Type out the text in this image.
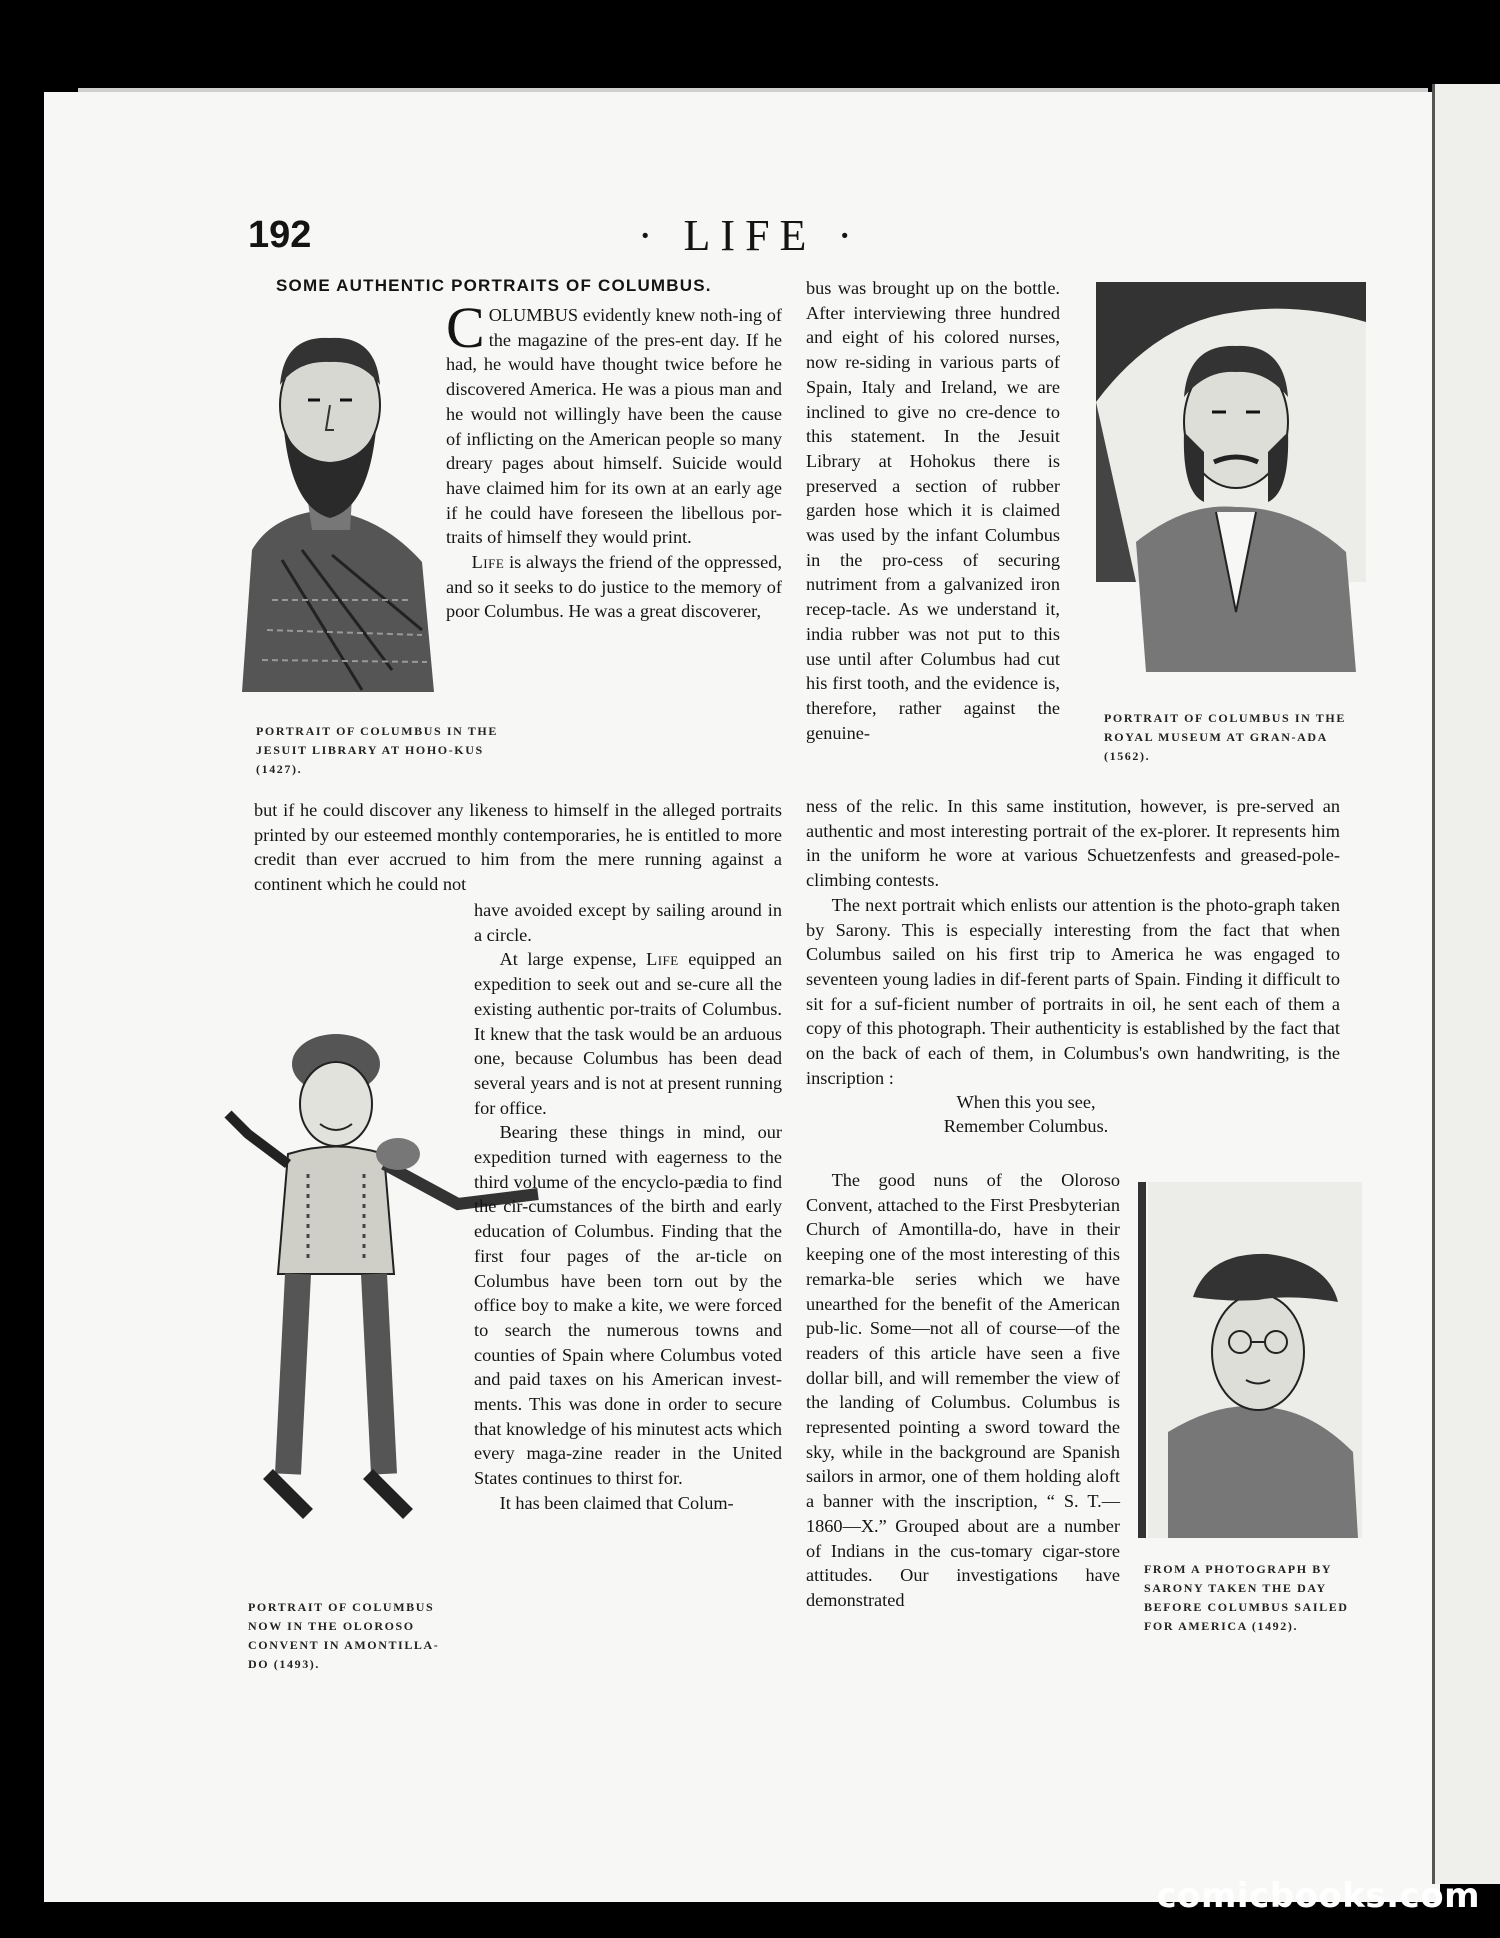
192	· LIFE ·
SOME AUTHENTIC PORTRAITS OF COLUMBUS.
PORTRAIT OF COLUMBUS IN THE JESUIT LIBRARY AT HOHO-KUS (1427).
PORTRAIT OF COLUMBUS IN THE ROYAL MUSEUM AT GRAN-ADA (1562).
PORTRAIT OF COLUMBUS NOW IN THE OLOROSO CONVENT IN AMONTILLA-DO (1493).
FROM A PHOTOGRAPH BY SARONY TAKEN THE DAY BEFORE COLUMBUS SAILED FOR AMERICA (1492).

COLUMBUS evidently knew noth-ing of the magazine of the pres-ent day. If he had, he would have thought twice before he discovered America. He was a pious man and he would not willingly have been the cause of inflicting on the American people so many dreary pages about himself. Suicide would have claimed him for its own at an early age if he could have foreseen the libellous por-traits of himself they would print.

Life is always the friend of the oppressed, and so it seeks to do justice to the memory of poor Columbus. He was a great discoverer,

but if he could discover any likeness to himself in the alleged portraits printed by our esteemed monthly contemporaries, he is entitled to more credit than ever accrued to him from the mere running against a continent which he could not

have avoided except by sailing around in a circle.

At large expense, Life equipped an expedition to seek out and se-cure all the existing authentic por-traits of Columbus. It knew that the task would be an arduous one, because Columbus has been dead several years and is not at present running for office.

Bearing these things in mind, our expedition turned with eagerness to the third volume of the encyclo-pædia to find the cir-cumstances of the birth and early education of Columbus. Finding that the first four pages of the ar-ticle on Columbus have been torn out by the office boy to make a kite, we were forced to search the numerous towns and counties of Spain where Columbus voted and paid taxes on his American invest-ments. This was done in order to secure that knowledge of his minutest acts which every maga-zine reader in the United States continues to thirst for.

It has been claimed that Colum-

bus was brought up on the bottle. After interviewing three hundred and eight of his colored nurses, now re-siding in various parts of Spain, Italy and Ireland, we are inclined to give no cre-dence to this statement. In the Jesuit Library at Hohokus there is preserved a section of rubber garden hose which it is claimed was used by the infant Columbus in the pro-cess of securing nutriment from a galvanized iron recep-tacle. As we understand it, india rubber was not put to this use until after Columbus had cut his first tooth, and the evidence is, therefore, rather against the genuine-

ness of the relic. In this same institution, however, is pre-served an authentic and most interesting portrait of the ex-plorer. It represents him in the uniform he wore at various Schuetzenfests and greased-pole-climbing contests.

The next portrait which enlists our attention is the photo-graph taken by Sarony. This is especially interesting from the fact that when Columbus sailed on his first trip to America he was engaged to seventeen young ladies in dif-ferent parts of Spain. Finding it difficult to sit for a suf-ficient number of portraits in oil, he sent each of them a copy of this photograph. Their authenticity is established by the fact that on the back of each of them, in Columbus's own handwriting, is the inscription :

When this you see,
Remember Columbus.

The good nuns of the Oloroso Convent, attached to the First Presbyterian Church of Amontilla-do, have in their keeping one of the most interesting of this remarka-ble series which we have unearthed for the benefit of the American pub-lic. Some—not all of course—of the readers of this article have seen a five dollar bill, and will remember the view of the landing of Columbus. Columbus is represented pointing a sword toward the sky, while in the background are Spanish sailors in armor, one of them holding aloft a banner with the inscription, “ S. T.—1860—X.” Grouped about are a number of Indians in the cus-tomary cigar-store attitudes. Our investigations have demonstrated

comicbooks.com
